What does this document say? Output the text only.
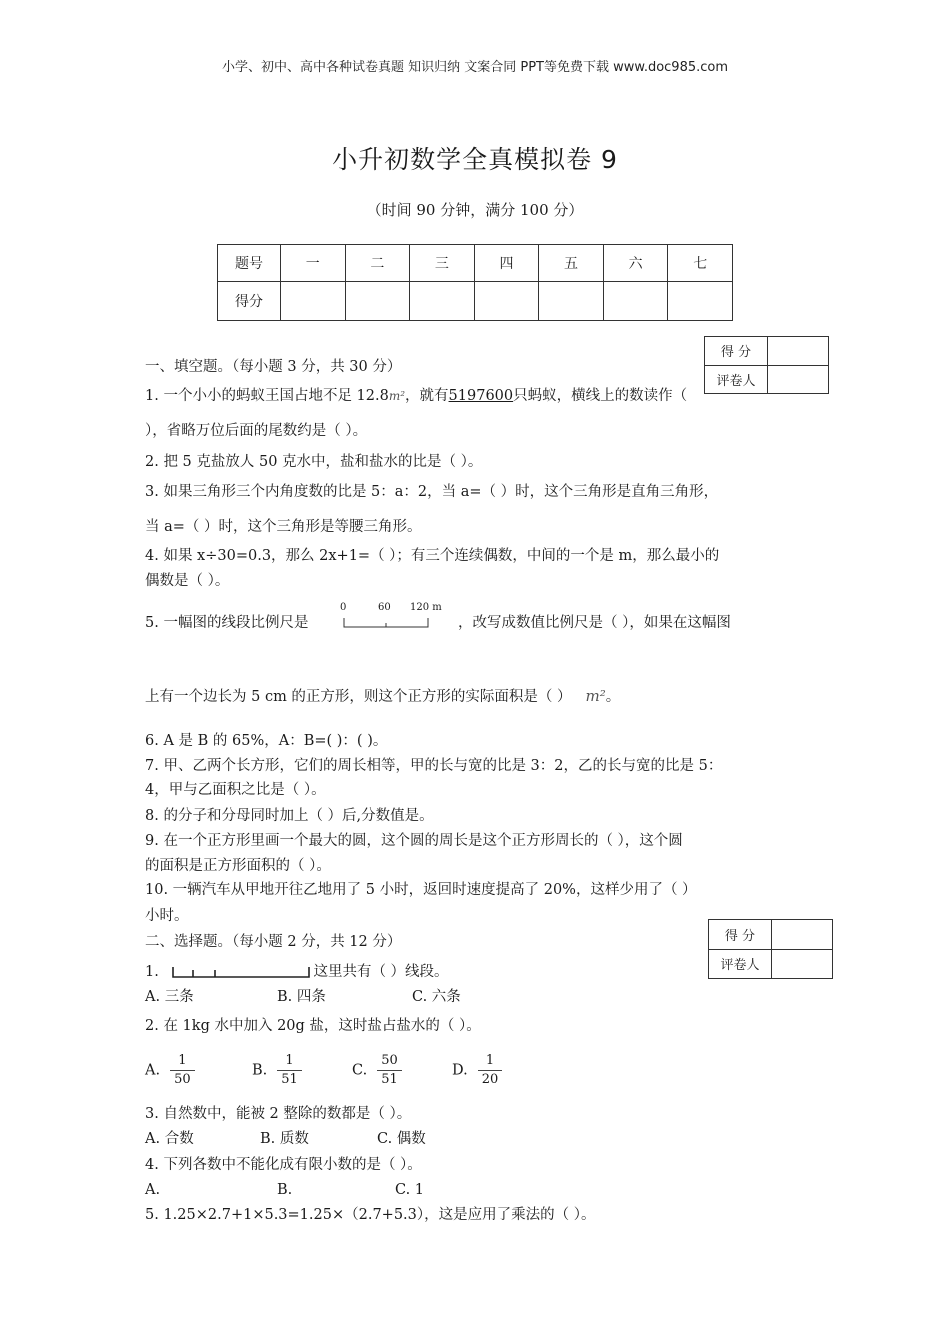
小学、初中、高中各种试卷真题 知识归纳 文案合同 PPT等免费下载 www.doc985.com
小升初数学全真模拟卷 9
（时间 90 分钟，满分 100 分）
题号	一	二	三	四	五	六	七
得分							
得 分	
评卷人	
一、填空题。（每小题 3 分，共 30 分）
1. 一个小小的蚂蚁王国占地不足 12.8m²，就有5197600只蚂蚁，横线上的数读作（
），省略万位后面的尾数约是（ ）。
2. 把 5 克盐放人 50 克水中，盐和盐水的比是（ ）。
3. 如果三角形三个内角度数的比是 5：a：2，当 a=（ ）时，这个三角形是直角三角形，
当 a=（ ）时，这个三角形是等腰三角形。
4. 如果 x÷30=0.3，那么 2x+1=（ ）；有三个连续偶数，中间的一个是 m，那么最小的
偶数是（ ）。
5. 一幅图的线段比例尺是
0	60 120 m
，改写成数值比例尺是（ ），如果在这幅图
上有一个边长为 5 cm 的正方形，则这个正方形的实际面积是（ ） m²。
6. A 是 B 的 65%，A：B=( )：( )。
7. 甲、乙两个长方形，它们的周长相等，甲的长与宽的比是 3：2，乙的长与宽的比是 5：
4，甲与乙面积之比是（ ）。
8. 的分子和分母同时加上（ ）后,分数值是。
9. 在一个正方形里画一个最大的圆，这个圆的周长是这个正方形周长的（ ），这个圆
的面积是正方形面积的（ ）。
10. 一辆汽车从甲地开往乙地用了 5 小时，返回时速度提高了 20%，这样少用了（ ）
小时。
得 分	
评卷人	
二、选择题。（每小题 2 分，共 12 分）
1.	这里共有（ ）线段。
A. 三条	B. 四条	C. 六条
2. 在 1kg 水中加入 20g 盐，这时盐占盐水的（ ）。
A. $\frac{1}{50}$	B. $\frac{1}{51}$	C. $\frac{50}{51}$	D. $\frac{1}{20}$
3. 自然数中，能被 2 整除的数都是（ ）。
A. 合数	B. 质数	C. 偶数
4. 下列各数中不能化成有限小数的是（ ）。
A.	B.	C. 1
5. 1.25×2.7+1×5.3=1.25×（2.7+5.3），这是应用了乘法的（ ）。
